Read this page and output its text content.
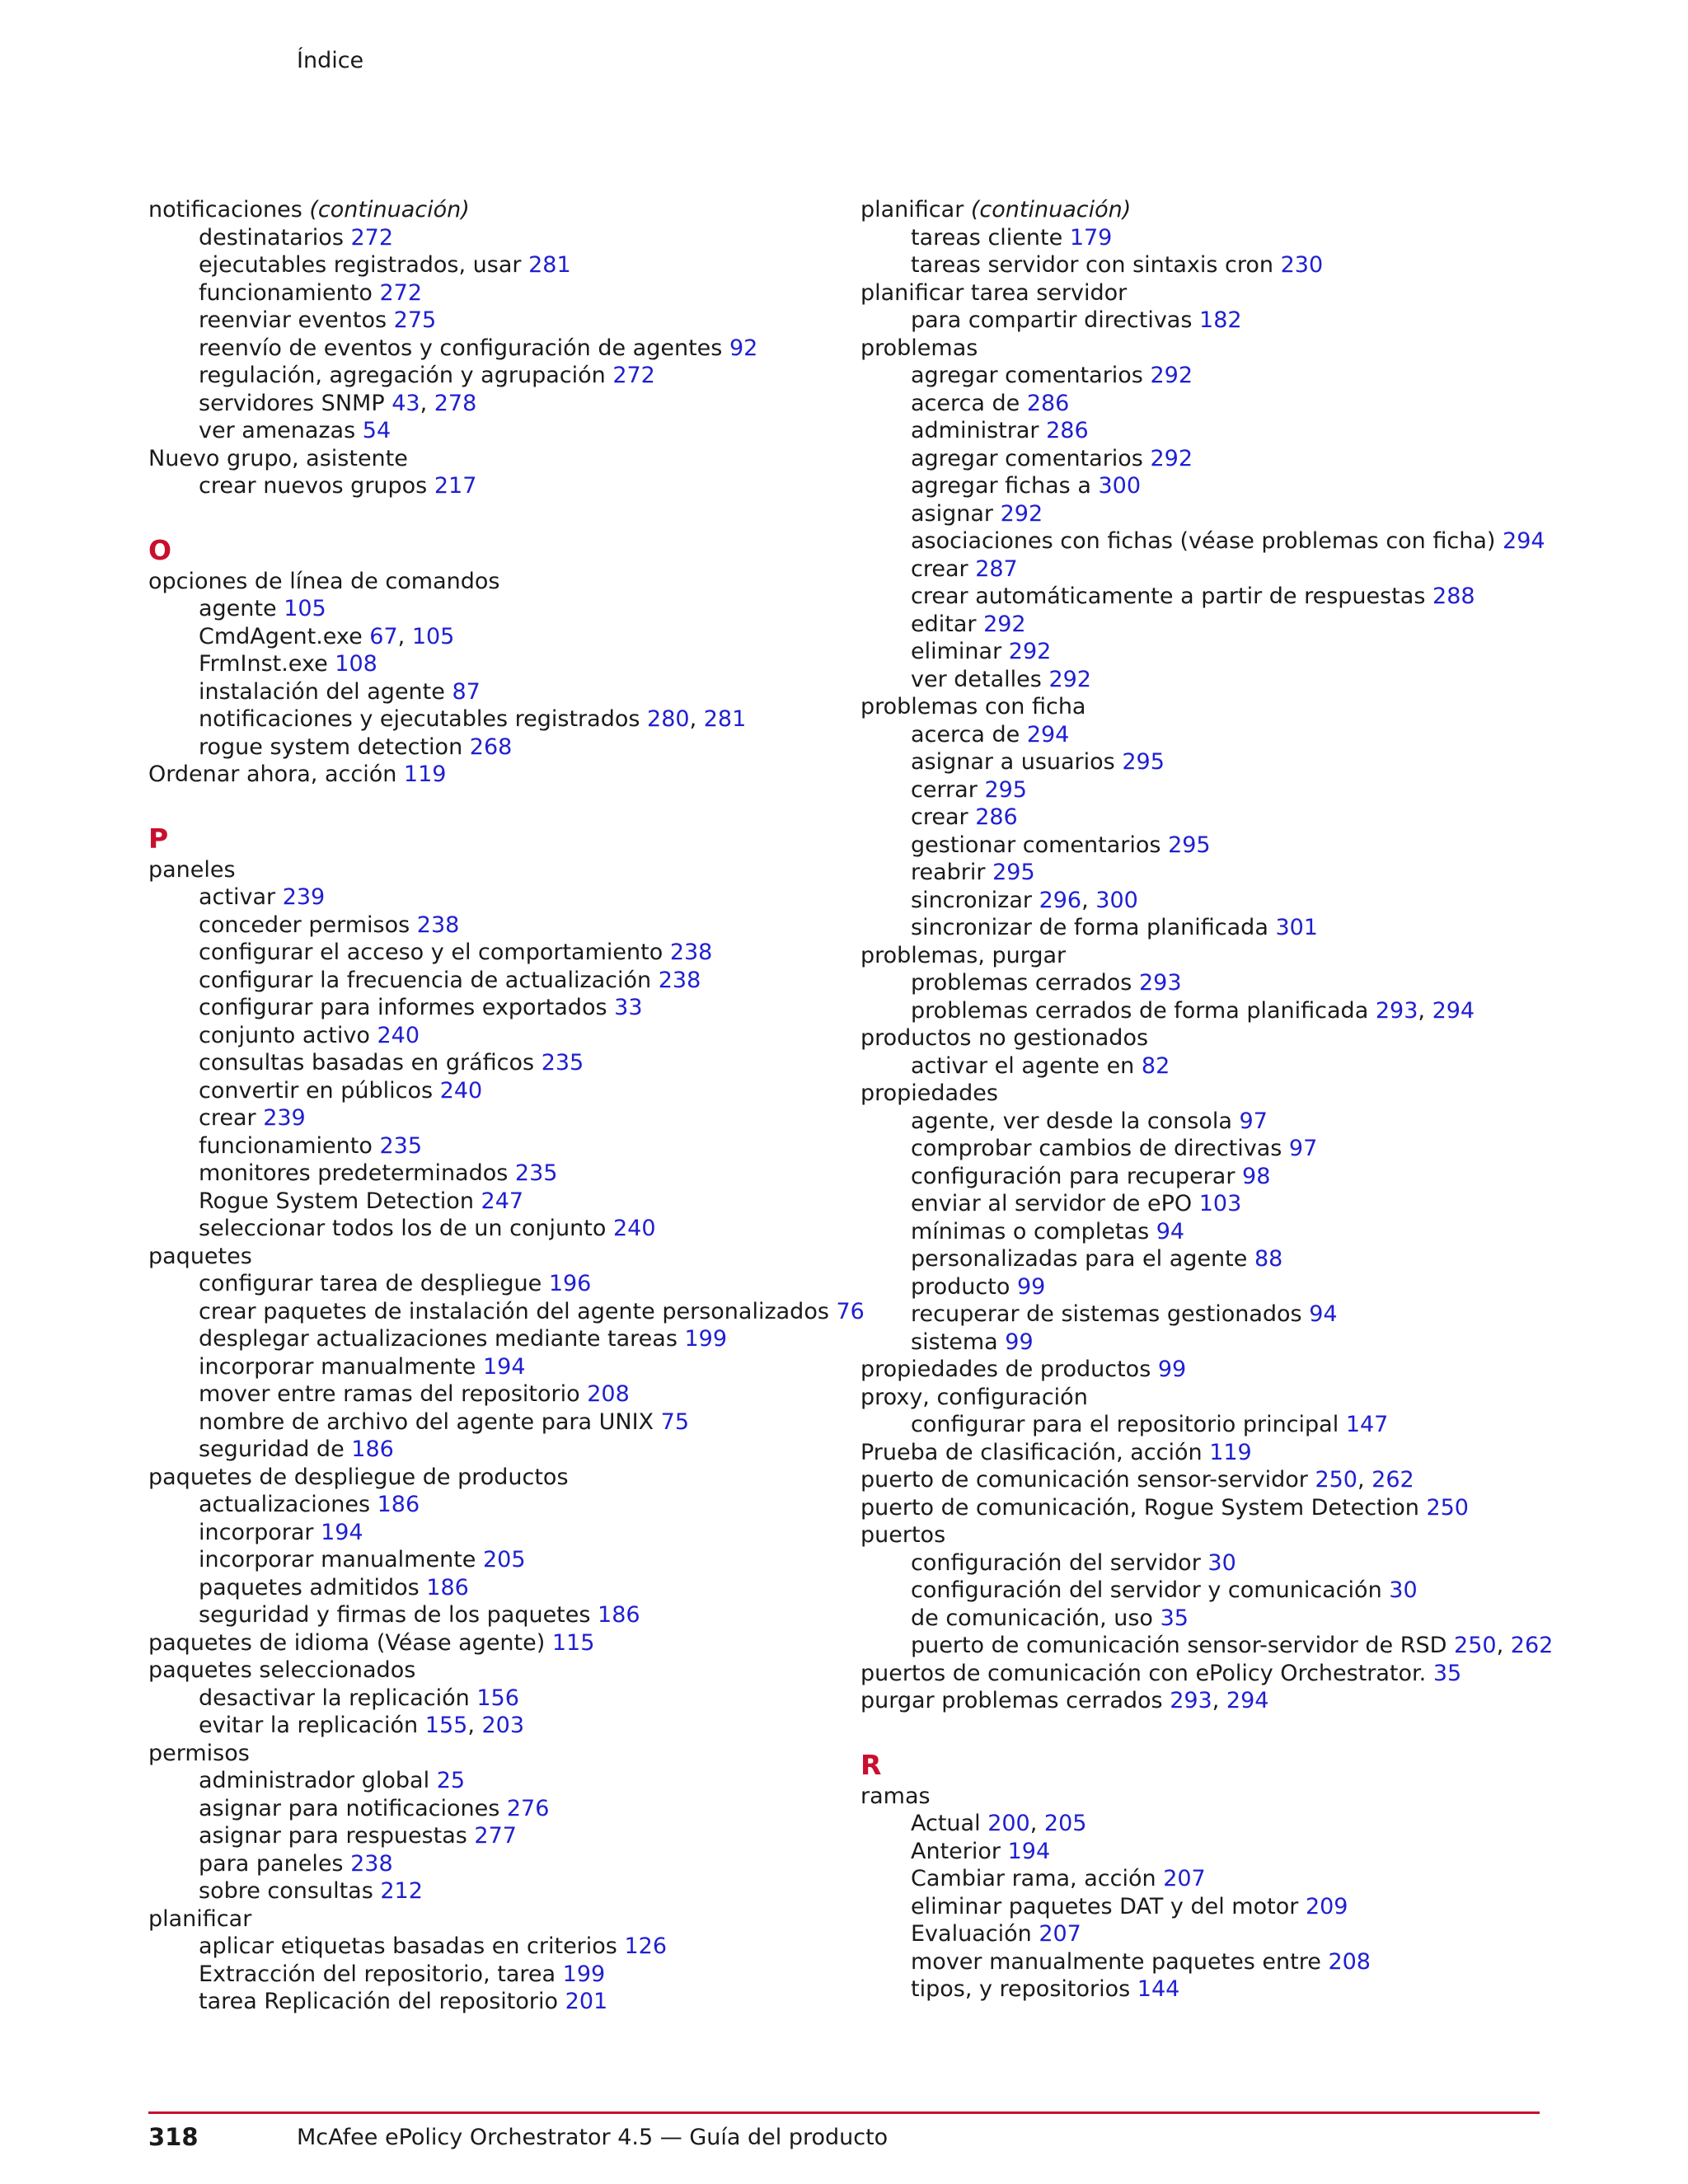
Índice
notificaciones (continuación)
destinatarios 272
ejecutables registrados, usar 281
funcionamiento 272
reenviar eventos 275
reenvío de eventos y configuración de agentes 92
regulación, agregación y agrupación 272
servidores SNMP 43, 278
ver amenazas 54
Nuevo grupo, asistente
crear nuevos grupos 217
O
opciones de línea de comandos
agente 105
CmdAgent.exe 67, 105
FrmInst.exe 108
instalación del agente 87
notificaciones y ejecutables registrados 280, 281
rogue system detection 268
Ordenar ahora, acción 119
P
paneles
activar 239
conceder permisos 238
configurar el acceso y el comportamiento 238
configurar la frecuencia de actualización 238
configurar para informes exportados 33
conjunto activo 240
consultas basadas en gráficos 235
convertir en públicos 240
crear 239
funcionamiento 235
monitores predeterminados 235
Rogue System Detection 247
seleccionar todos los de un conjunto 240
paquetes
configurar tarea de despliegue 196
crear paquetes de instalación del agente personalizados 76
desplegar actualizaciones mediante tareas 199
incorporar manualmente 194
mover entre ramas del repositorio 208
nombre de archivo del agente para UNIX 75
seguridad de 186
paquetes de despliegue de productos
actualizaciones 186
incorporar 194
incorporar manualmente 205
paquetes admitidos 186
seguridad y firmas de los paquetes 186
paquetes de idioma (Véase agente) 115
paquetes seleccionados
desactivar la replicación 156
evitar la replicación 155, 203
permisos
administrador global 25
asignar para notificaciones 276
asignar para respuestas 277
para paneles 238
sobre consultas 212
planificar
aplicar etiquetas basadas en criterios 126
Extracción del repositorio, tarea 199
tarea Replicación del repositorio 201
planificar (continuación)
tareas cliente 179
tareas servidor con sintaxis cron 230
planificar tarea servidor
para compartir directivas 182
problemas
agregar comentarios 292
acerca de 286
administrar 286
agregar comentarios 292
agregar fichas a 300
asignar 292
asociaciones con fichas (véase problemas con ficha) 294
crear 287
crear automáticamente a partir de respuestas 288
editar 292
eliminar 292
ver detalles 292
problemas con ficha
acerca de 294
asignar a usuarios 295
cerrar 295
crear 286
gestionar comentarios 295
reabrir 295
sincronizar 296, 300
sincronizar de forma planificada 301
problemas, purgar
problemas cerrados 293
problemas cerrados de forma planificada 293, 294
productos no gestionados
activar el agente en 82
propiedades
agente, ver desde la consola 97
comprobar cambios de directivas 97
configuración para recuperar 98
enviar al servidor de ePO 103
mínimas o completas 94
personalizadas para el agente 88
producto 99
recuperar de sistemas gestionados 94
sistema 99
propiedades de productos 99
proxy, configuración
configurar para el repositorio principal 147
Prueba de clasificación, acción 119
puerto de comunicación sensor-servidor 250, 262
puerto de comunicación, Rogue System Detection 250
puertos
configuración del servidor 30
configuración del servidor y comunicación 30
de comunicación, uso 35
puerto de comunicación sensor-servidor de RSD 250, 262
puertos de comunicación con ePolicy Orchestrator. 35
purgar problemas cerrados 293, 294
R
ramas
Actual 200, 205
Anterior 194
Cambiar rama, acción 207
eliminar paquetes DAT y del motor 209
Evaluación 207
mover manualmente paquetes entre 208
tipos, y repositorios 144
318	McAfee ePolicy Orchestrator 4.5 — Guía del producto
